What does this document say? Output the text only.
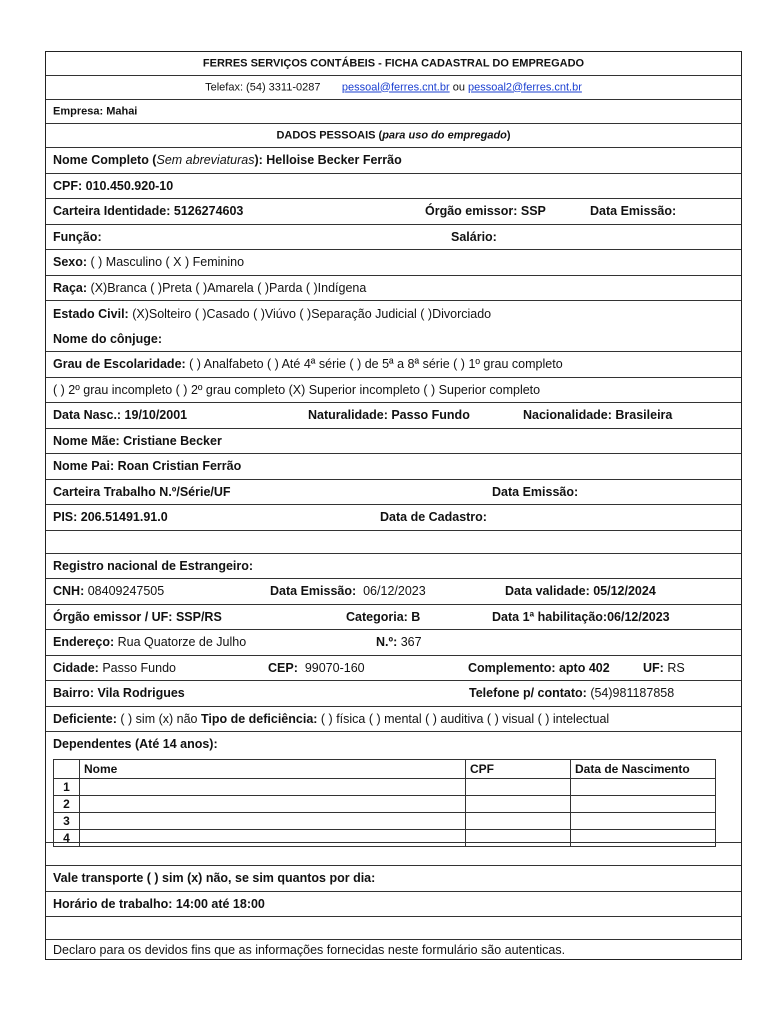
FERRES SERVIÇOS CONTÁBEIS - FICHA CADASTRAL DO EMPREGADO
Telefax: (54) 3311-0287 pessoal@ferres.cnt.br ou pessoal2@ferres.cnt.br
Empresa: Mahai
DADOS PESSOAIS (para uso do empregado)
Nome Completo (Sem abreviaturas): Helloise Becker Ferrão
CPF: 010.450.920-10
Carteira Identidade: 5126274603	Órgão emissor: SSP	Data Emissão:
Função:	Salário:
Sexo: ( ) Masculino ( X ) Feminino
Raça: (X)Branca ( )Preta ( )Amarela ( )Parda ( )Indígena
Estado Civil: (X)Solteiro ( )Casado ( )Viúvo ( )Separação Judicial ( )Divorciado
Nome do cônjuge:
Grau de Escolaridade: ( ) Analfabeto ( ) Até 4ª série ( ) de 5ª a 8ª série ( ) 1º grau completo
( ) 2º grau incompleto ( ) 2º grau completo (X) Superior incompleto ( ) Superior completo
Data Nasc.: 19/10/2001	Naturalidade: Passo Fundo	Nacionalidade: Brasileira
Nome Mãe: Cristiane Becker
Nome Pai: Roan Cristian Ferrão
Carteira Trabalho N.º/Série/UF	Data Emissão:
PIS: 206.51491.91.0	Data de Cadastro:
Registro nacional de Estrangeiro:
CNH: 08409247505	Data Emissão: 06/12/2023	Data validade: 05/12/2024
Órgão emissor / UF: SSP/RS	Categoria: B	Data 1ª habilitação:06/12/2023
Endereço: Rua Quatorze de Julho	N.º: 367
Cidade: Passo Fundo	CEP: 99070-160	Complemento: apto 402	UF: RS
Bairro: Vila Rodrigues	Telefone p/ contato: (54)981187858
Deficiente: ( ) sim (x) não Tipo de deficiência: ( ) física ( ) mental ( ) auditiva ( ) visual ( ) intelectual
Dependentes (Até 14 anos):
	Nome	CPF	Data de Nascimento
1			
2			
3			
4			
Vale transporte ( ) sim (x) não, se sim quantos por dia:
Horário de trabalho: 14:00 até 18:00
Declaro para os devidos fins que as informações fornecidas neste formulário são autenticas.
